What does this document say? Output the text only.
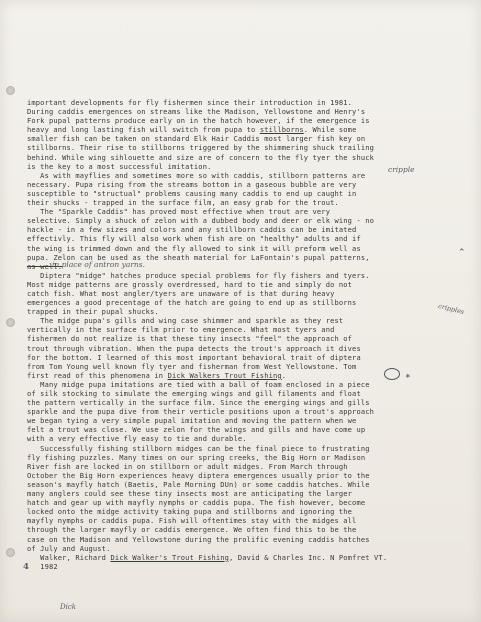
important developments for fly fishermen since their introduction in 1981.
During caddis emergences on streams like the Madison, Yellowstone and Henry's
Fork pupal patterns produce early on in the hatch however, if the emergence is
heavy and long lasting fish will switch from pupa to stillborns. While some
smaller fish can be taken on standard Elk Hair Caddis most larger fish key on
stillborns. Their rise to stillborns triggered by the shimmering shuck trailing
behind. While wing sihlouette and size are of concern to the fly tyer the shuck
is the key to a most successful imitation.
As with mayflies and sometimes more so with caddis, stillborn patterns are
necessary. Pupa rising from the streams bottom in a gaseous bubble are very
susceptible to "structual" problems causing many caddis to end up caught in
their shucks - trapped in the surface film, an easy grab for the trout.
The "Sparkle Caddis" has proved most effective when trout are very
selective. Simply a shuck of zelon with a dubbed body and deer or elk wing - no
hackle - in a few sizes and colors and any stillborn caddis can be imitated
effectivly. This fly will also work when fish are on "healthy" adults and if
the wing is trimmed down and the fly allowed to sink it will preform well as
pupa. Zelon can be used as the sheath material for LaFontain's pupal patterns,
as well.
Diptera "midge" hatches produce special problems for fly fishers and tyers.
Most midge patterns are grossly overdressed, hard to tie and simply do not
catch fish. What most angler/tyers are unaware of is that during heavy
emergences a good precentage of the hatch are going to end up as stillborns
trapped in their pupal shucks.
The midge pupa's gills and wing case shimmer and sparkle as they rest
vertically in the surface film prior to emergence. What most tyers and
fishermen do not realize is that these tiny insects "feel" the approach of
trout through vibration. When the pupa detects the trout's approach it dives
for the bottom. I learned of this most important behavioral trait of diptera
from Tom Young well known fly tyer and fisherman from West Yellowstone. Tom
first read of this phenomena in Dick Walkers Trout Fishing.
Many midge pupa imitations are tied with a ball of foam enclosed in a piece
of silk stocking to simulate the emerging wings and gill filaments and float
the pattern vertically in the surface film. Since the emerging wings and gills
sparkle and the pupa dive from their verticle positions upon a trout's approach
we began tying a very simple pupal imitation and moving the pattern when we
felt a trout was close. We use zelon for the wings and gills and have come up
with a very effective fly easy to tie and durable.
Successfully fishing stillborn midges can be the final piece to frustrating
fly fishing puzzles. Many times on our spring creeks, the Big Horn or Madison
River fish are locked in on stillborn or adult midges. From March through
October the Big Horn experiences heavy diptera emergences usually prior to the
season's mayfly hatch (Baetis, Pale Morning DUn) or some caddis hatches. While
many anglers could see these tiny insects most are anticipating the larger
hatch and gear up with mayfly nymphs or caddis pupa. The fish however, become
locked onto the midge activity taking pupa and stillborns and ignoring the
mayfly nymphs or caddis pupa. Fish will oftentimes stay with the midges all
through the larger mayfly or caddis emergence. We often find this to be the
case on the Madison and Yellowstone during the prolific evening caddis hatches
of July and August.
Walker, Richard Dick Walker's Trout Fishing, David & Charles Inc. N Pomfret VT.
1982
cripple
in place of antron yarns.
cripples
4
Dick
∗
⌃
